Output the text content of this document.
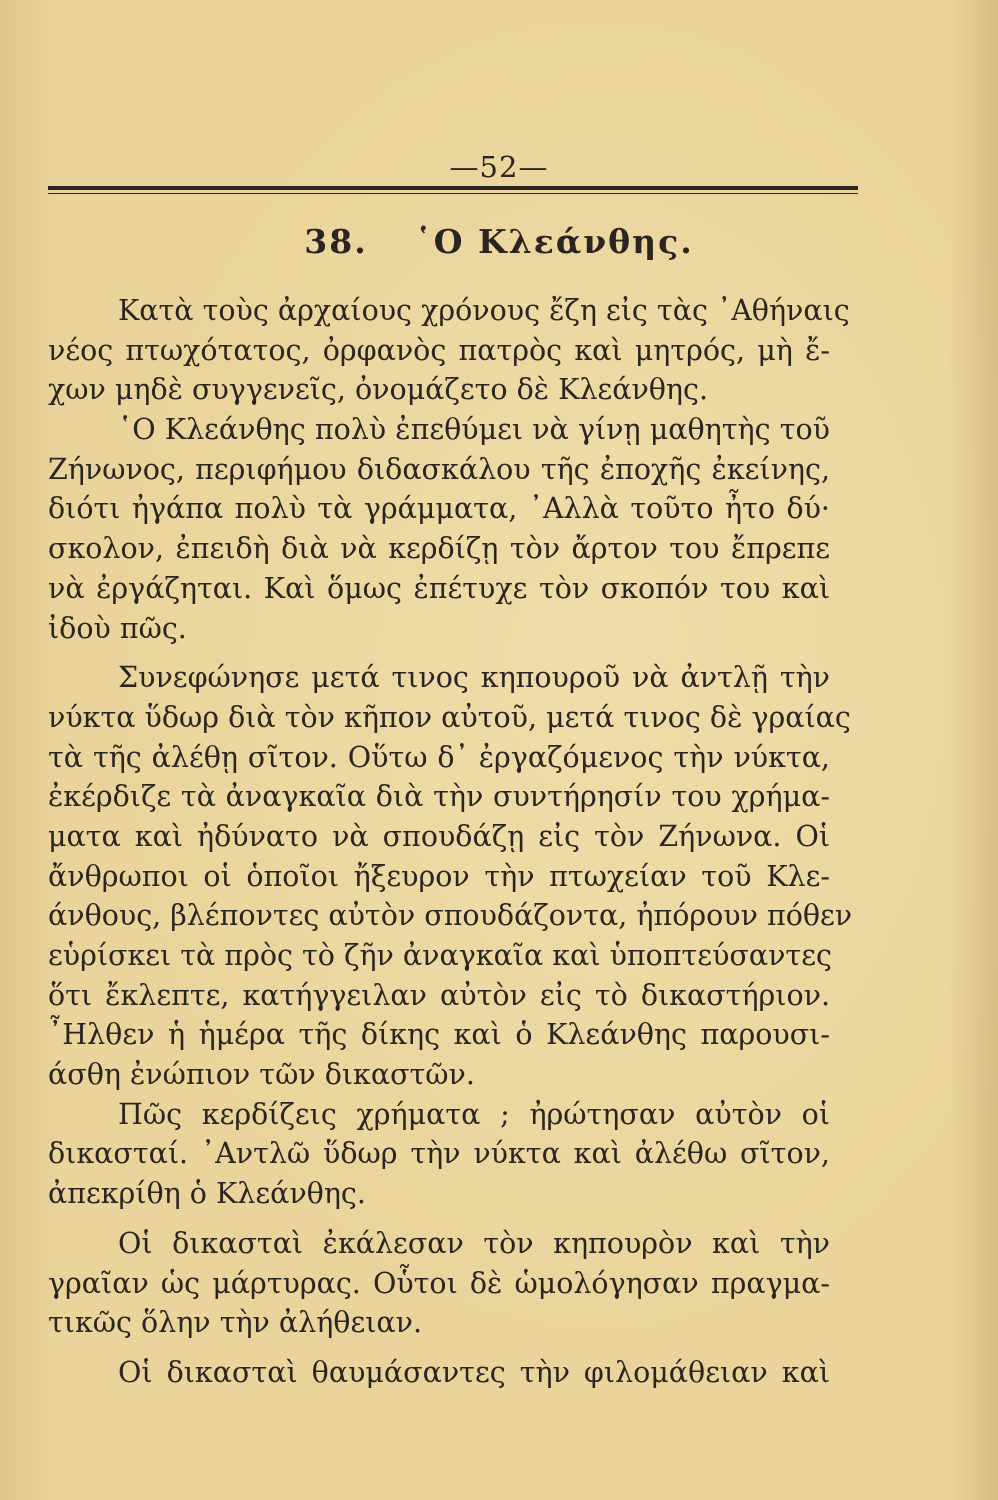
—52—
38. ῾Ο Κλεάνθης.
Κατὰ τοὺς ἀρχαίους χρόνους ἔζη εἰς τὰς ᾿Αθήναις
νέος πτωχότατος, ὀρφανὸς πατρὸς καὶ μητρός, μὴ ἔ-
χων μηδὲ συγγενεῖς, ὀνομάζετο δὲ Κλεάνθης.
῾Ο Κλεάνθης πολὺ ἐπεθύμει νὰ γίνῃ μαθητὴς τοῦ
Ζήνωνος, περιφήμου διδασκάλου τῆς ἐποχῆς ἐκείνης,
διότι ἠγάπα πολὺ τὰ γράμματα, ᾿Αλλὰ τοῦτο ἦτο δύ·
σκολον, ἐπειδὴ διὰ νὰ κερδίζῃ τὸν ἄρτον του ἔπρεπε
νὰ ἐργάζηται. Καὶ ὅμως ἐπέτυχε τὸν σκοπόν του καὶ
ἰδοὺ πῶς.
Συνεφώνησε μετά τινος κηπουροῦ νὰ ἀντλῇ τὴν
νύκτα ὕδωρ διὰ τὸν κῆπον αὐτοῦ, μετά τινος δὲ γραίας
τὰ τῆς ἀλέθῃ σῖτον. Οὕτω δ᾿ ἐργαζόμενος τὴν νύκτα,
ἐκέρδιζε τὰ ἀναγκαῖα διὰ τὴν συντήρησίν του χρήμα-
ματα καὶ ἠδύνατο νὰ σπουδάζῃ εἰς τὸν Ζήνωνα. Οἱ
ἄνθρωποι οἱ ὁποῖοι ἤξευρον τὴν πτωχείαν τοῦ Κλε-
άνθους, βλέποντες αὐτὸν σπουδάζοντα, ἠπόρουν πόθεν
εὑρίσκει τὰ πρὸς τὸ ζῆν ἀναγκαῖα καὶ ὑποπτεύσαντες
ὅτι ἔκλεπτε, κατήγγειλαν αὐτὸν εἰς τὸ δικαστήριον.
῏Ηλθεν ἡ ἡμέρα τῆς δίκης καὶ ὁ Κλεάνθης παρουσι-
άσθη ἐνώπιον τῶν δικαστῶν.
Πῶς κερδίζεις χρήματα ; ἠρώτησαν αὐτὸν οἱ
δικασταί. ᾿Αντλῶ ὕδωρ τὴν νύκτα καὶ ἀλέθω σῖτον,
ἀπεκρίθη ὁ Κλεάνθης.
Οἱ δικασταὶ ἐκάλεσαν τὸν κηπουρὸν καὶ τὴν
γραῖαν ὡς μάρτυρας. Οὗτοι δὲ ὡμολόγησαν πραγμα-
τικῶς ὅλην τὴν ἀλήθειαν.
Οἱ δικασταὶ θαυμάσαντες τὴν φιλομάθειαν καὶ
